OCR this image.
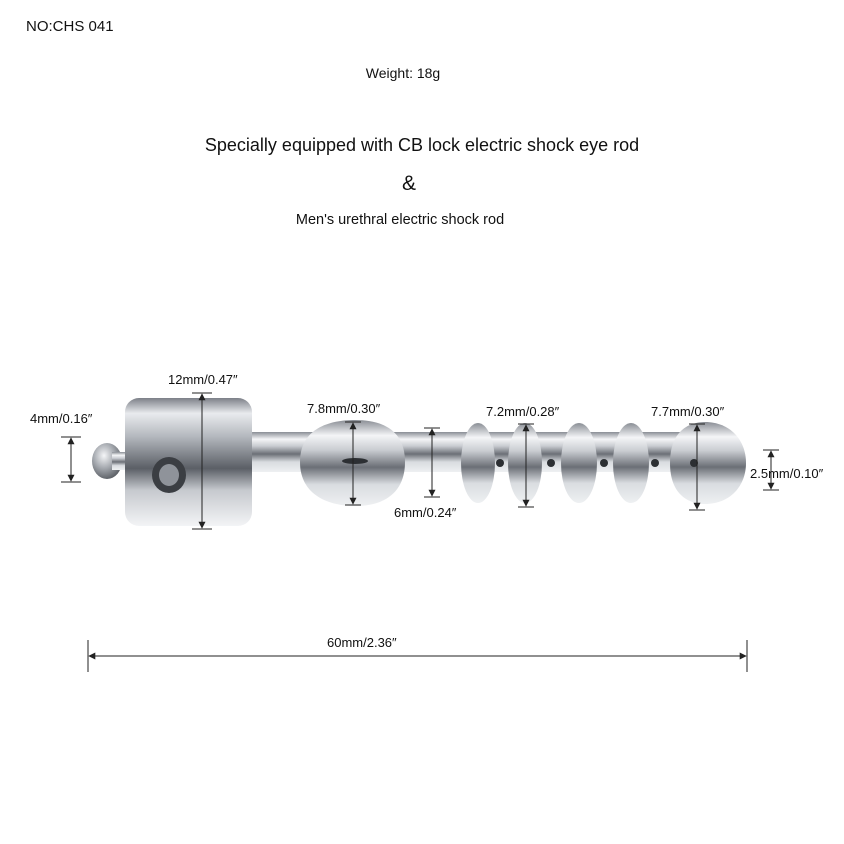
NO:CHS 041
Weight: 18g
Specially equipped with CB lock electric shock eye rod
&
Men's urethral electric shock rod
4mm/0.16″
12mm/0.47″
7.8mm/0.30″
6mm/0.24″
7.2mm/0.28″	7.7mm/0.30″
2.5mm/0.10″
60mm/2.36″
